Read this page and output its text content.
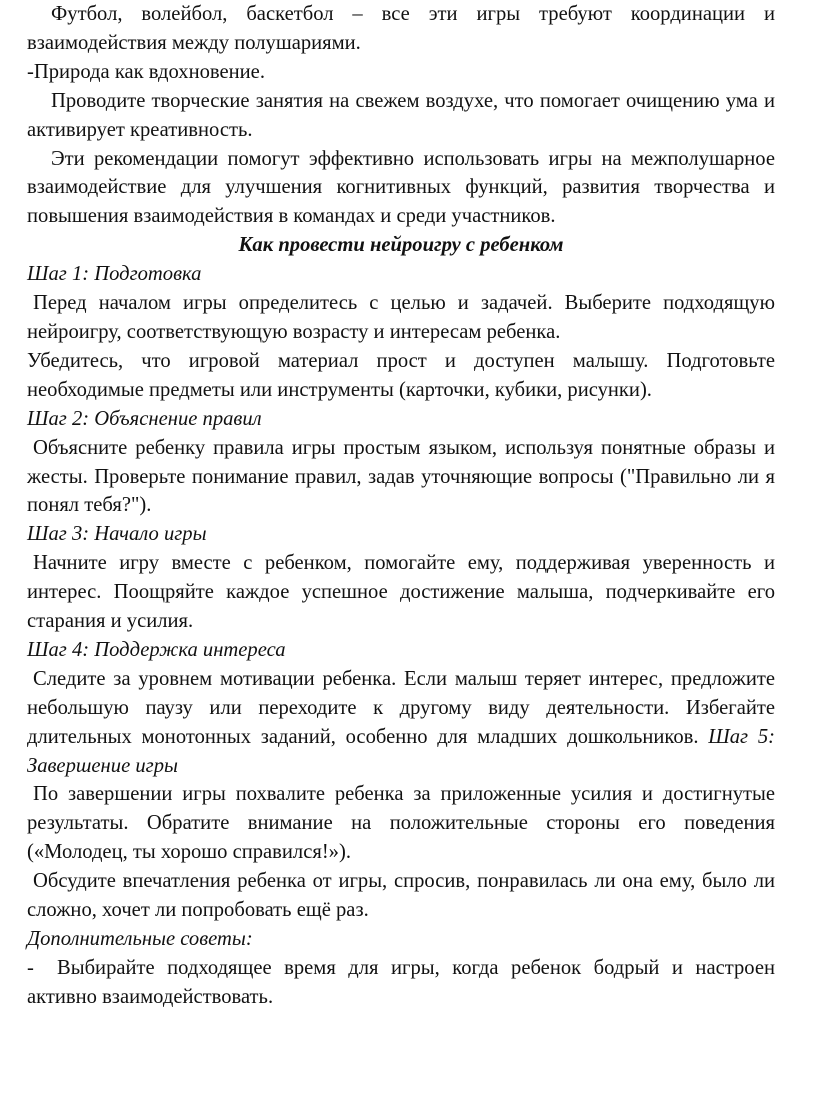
Футбол, волейбол, баскетбол – все эти игры требуют координации и взаимодействия между полушариями.

-Природа как вдохновение.

Проводите творческие занятия на свежем воздухе, что помогает очищению ума и активирует креативность.

Эти рекомендации помогут эффективно использовать игры на межполушарное взаимодействие для улучшения когнитивных функций, развития творчества и повышения взаимодействия в командах и среди участников.

Как провести нейроигру с ребенком

Шаг 1: Подготовка

Перед началом игры определитесь с целью и задачей. Выберите подходящую нейроигру, соответствующую возрасту и интересам ребенка.

Убедитесь, что игровой материал прост и доступен малышу. Подготовьте необходимые предметы или инструменты (карточки, кубики, рисунки).

Шаг 2: Объяснение правил

Объясните ребенку правила игры простым языком, используя понятные образы и жесты. Проверьте понимание правил, задав уточняющие вопросы ("Правильно ли я понял тебя?").

Шаг 3: Начало игры

Начните игру вместе с ребенком, помогайте ему, поддерживая уверенность и интерес. Поощряйте каждое успешное достижение малыша, подчеркивайте его старания и усилия.

Шаг 4: Поддержка интереса

Следите за уровнем мотивации ребенка. Если малыш теряет интерес, предложите небольшую паузу или переходите к другому виду деятельности. Избегайте длительных монотонных заданий, особенно для младших дошкольников. Шаг 5: Завершение игры

По завершении игры похвалите ребенка за приложенные усилия и достигнутые результаты. Обратите внимание на положительные стороны его поведения («Молодец, ты хорошо справился!»).

Обсудите впечатления ребенка от игры, спросив, понравилась ли она ему, было ли сложно, хочет ли попробовать ещё раз.

Дополнительные советы:

- Выбирайте подходящее время для игры, когда ребенок бодрый и настроен активно взаимодействовать.
